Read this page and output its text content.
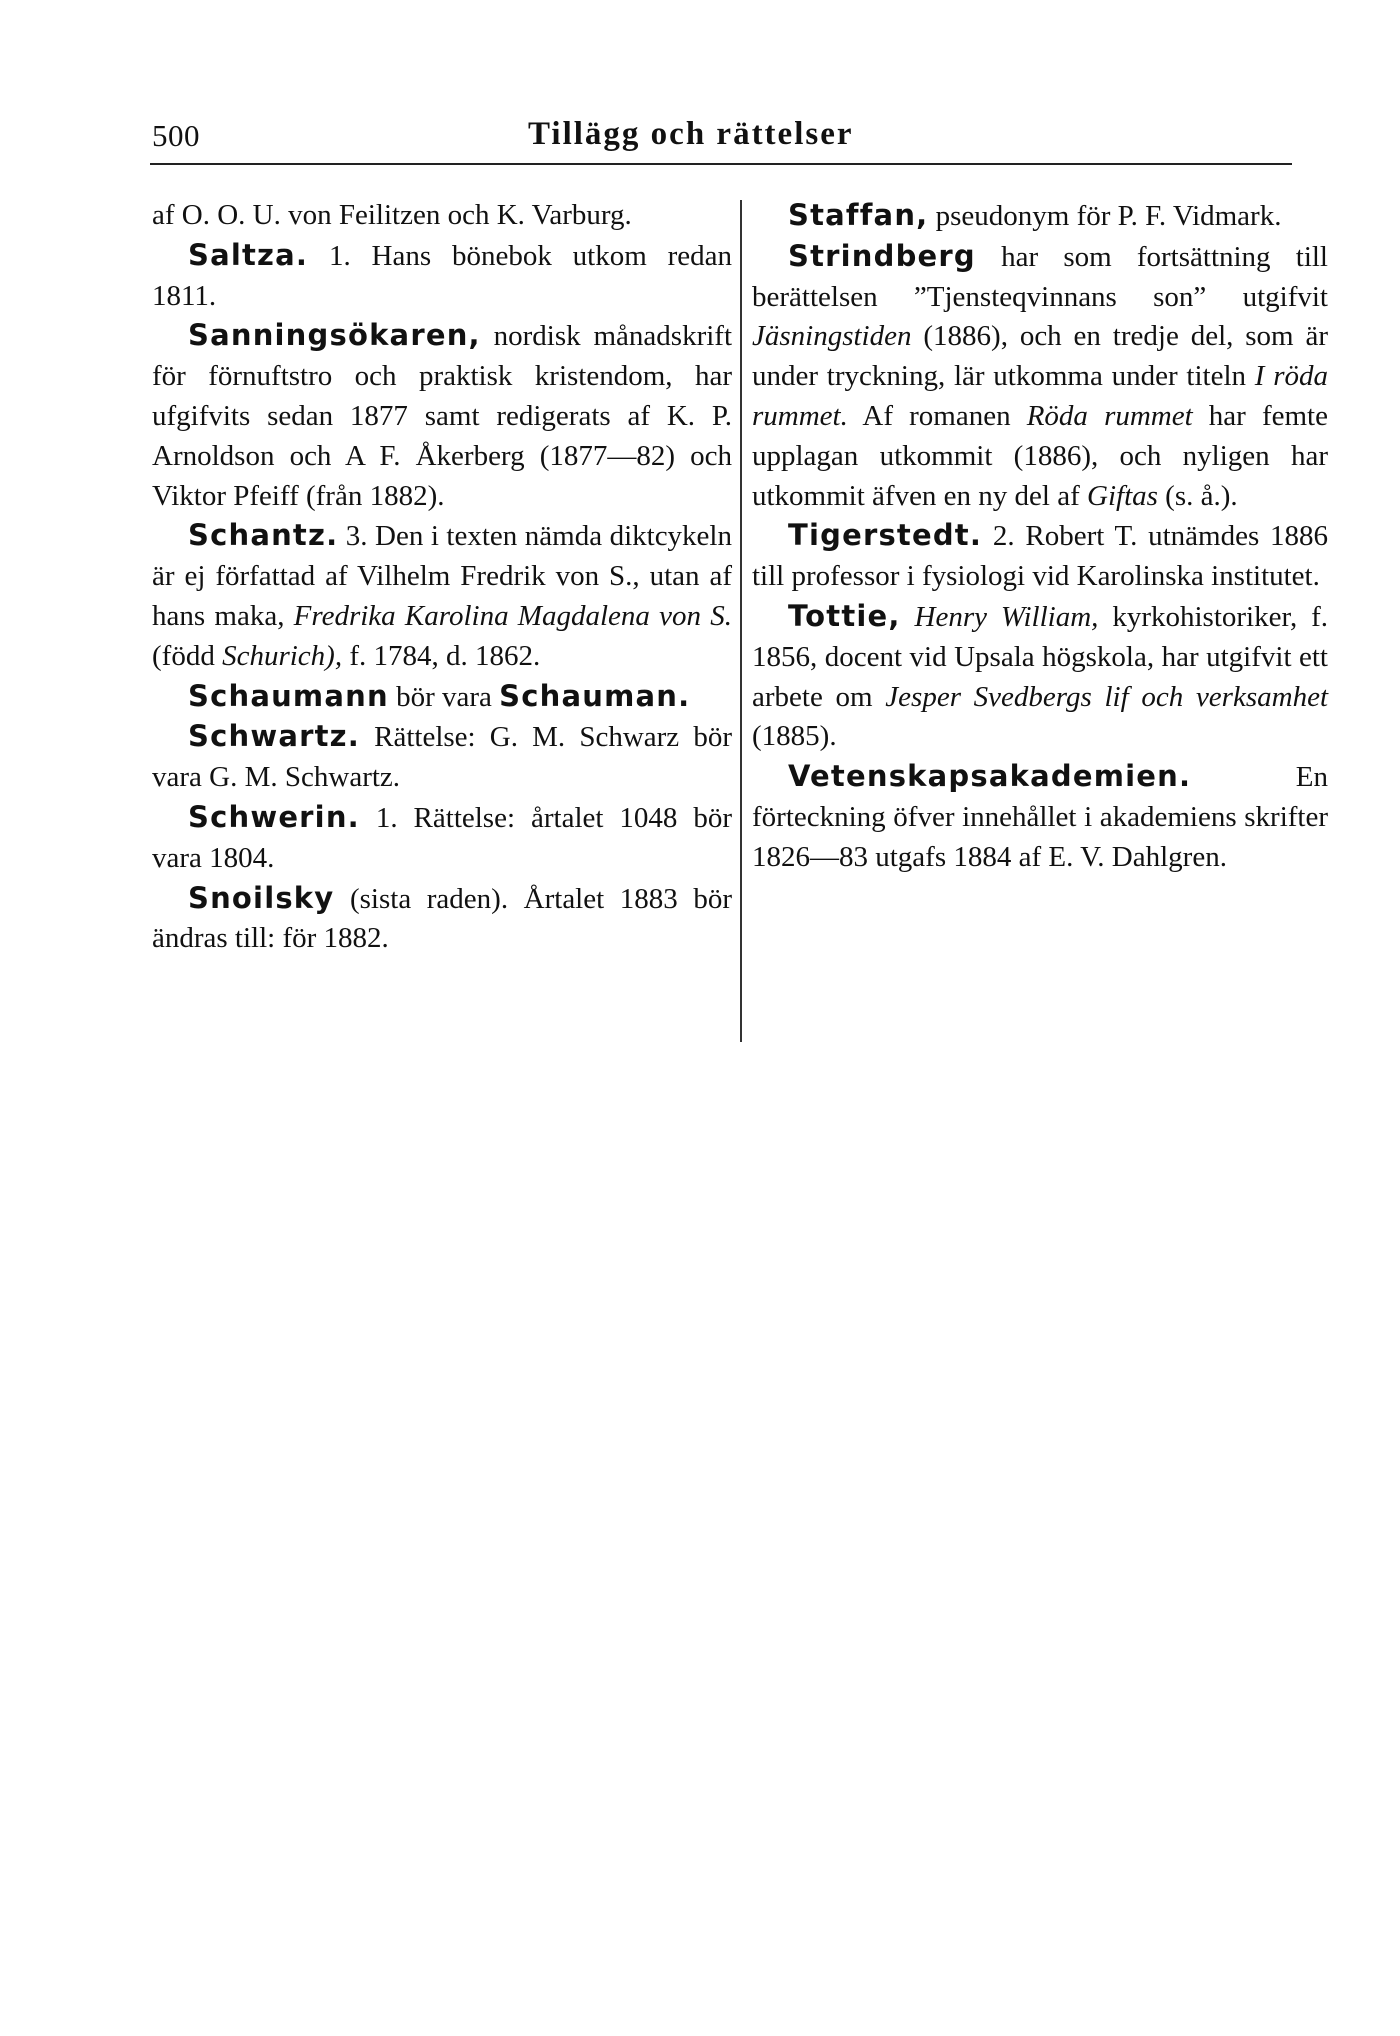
500	Tillägg och rättelser

af O. O. U. von Feilitzen och K. Varburg.

Saltza. 1. Hans bönebok utkom redan 1811.

Sanningsökaren, nordisk månadskrift för förnuftstro och praktisk kristendom, har ufgifvits sedan 1877 samt redigerats af K. P. Arnoldson och A F. Åkerberg (1877—82) och Viktor Pfeiff (från 1882).

Schantz. 3. Den i texten nämda diktcykeln är ej författad af Vilhelm Fredrik von S., utan af hans maka, Fredrika Karolina Magdalena von S. (född Schurich), f. 1784, d. 1862.

Schaumann bör vara Schauman.

Schwartz. Rättelse: G. M. Schwarz bör vara G. M. Schwartz.

Schwerin. 1. Rättelse: årtalet 1048 bör vara 1804.

Snoilsky (sista raden). Årtalet 1883 bör ändras till: för 1882.

Staffan, pseudonym för P. F. Vidmark.

Strindberg har som fortsättning till berättelsen ”Tjensteqvinnans son” utgifvit Jäsningstiden (1886), och en tredje del, som är under tryckning, lär utkomma under titeln I röda rummet. Af romanen Röda rummet har femte upplagan utkommit (1886), och nyligen har utkommit äfven en ny del af Giftas (s. å.).

Tigerstedt. 2. Robert T. utnämdes 1886 till professor i fysiologi vid Karolinska institutet.

Tottie, Henry William, kyrkohistoriker, f. 1856, docent vid Upsala högskola, har utgifvit ett arbete om Jesper Svedbergs lif och verksamhet (1885).

Vetenskapsakademien. En förteckning öfver innehållet i akademiens skrifter 1826—83 utgafs 1884 af E. V. Dahlgren.
